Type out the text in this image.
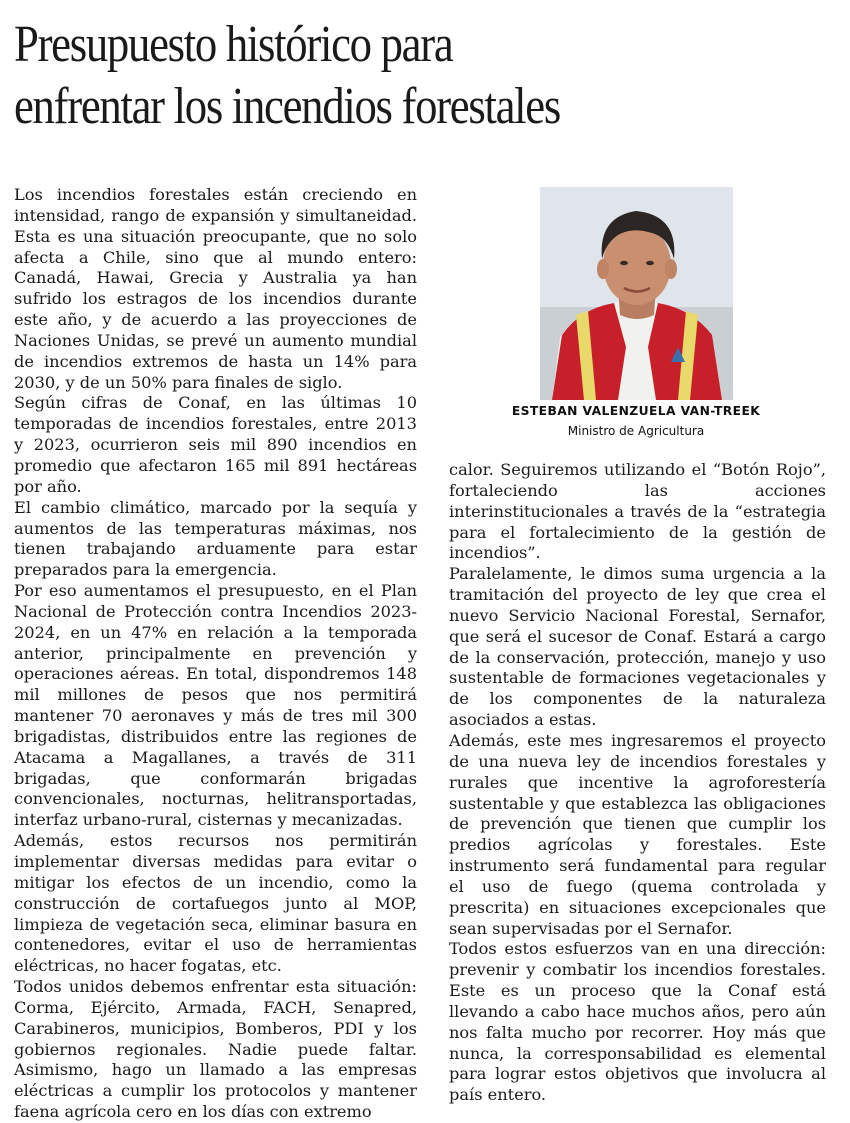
Presupuesto histórico para
enfrentar los incendios forestales

Los incendios forestales están creciendo en intensidad, rango de expansión y simultaneidad. Esta es una situación preocupante, que no solo afecta a Chile, sino que al mundo entero: Canadá, Hawai, Grecia y Australia ya han sufrido los estragos de los incendios durante este año, y de acuerdo a las proyecciones de Naciones Unidas, se prevé un aumento mundial de incendios extremos de hasta un 14% para 2030, y de un 50% para finales de siglo.

Según cifras de Conaf, en las últimas 10 temporadas de incendios forestales, entre 2013 y 2023, ocurrieron seis mil 890 incendios en promedio que afectaron 165 mil 891 hectáreas por año.

El cambio climático, marcado por la sequía y aumentos de las temperaturas máximas, nos tienen trabajando arduamente para estar preparados para la emergencia.

Por eso aumentamos el presupuesto, en el Plan Nacional de Protección contra Incendios 2023- 2024, en un 47% en relación a la temporada anterior, principalmente en prevención y operaciones aéreas. En total, dispondremos 148 mil millones de pesos que nos permitirá mantener 70 aeronaves y más de tres mil 300 brigadistas, distribuidos entre las regiones de Atacama a Magallanes, a través de 311 brigadas, que conformarán brigadas convencionales, nocturnas, helitransportadas, interfaz urbano-rural, cisternas y mecanizadas.

Además, estos recursos nos permitirán implementar diversas medidas para evitar o mitigar los efectos de un incendio, como la construcción de cortafuegos junto al MOP, limpieza de vegetación seca, eliminar basura en contenedores, evitar el uso de herramientas eléctricas, no hacer fogatas, etc.

Todos unidos debemos enfrentar esta situación: Corma, Ejército, Armada, FACH, Senapred, Carabineros, municipios, Bomberos, PDI y los gobiernos regionales. Nadie puede faltar. Asimismo, hago un llamado a las empresas eléctricas a cumplir los protocolos y mantener faena agrícola cero en los días con extremo

ESTEBAN VALENZUELA VAN-TREEK
Ministro de Agricultura

calor. Seguiremos utilizando el “Botón Rojo”, fortaleciendo las acciones interinstitucionales a través de la “estrategia para el fortalecimiento de la gestión de incendios”.

Paralelamente, le dimos suma urgencia a la tramitación del proyecto de ley que crea el nuevo Servicio Nacional Forestal, Sernafor, que será el sucesor de Conaf. Estará a cargo de la conservación, protección, manejo y uso sustentable de formaciones vegetacionales y de los componentes de la naturaleza asociados a estas.

Además, este mes ingresaremos el proyecto de una nueva ley de incendios forestales y rurales que incentive la agroforestería sustentable y que establezca las obligaciones de prevención que tienen que cumplir los predios agrícolas y forestales. Este instrumento será fundamental para regular el uso de fuego (quema controlada y prescrita) en situaciones excepcionales que sean supervisadas por el Sernafor.

Todos estos esfuerzos van en una dirección: prevenir y combatir los incendios forestales. Este es un proceso que la Conaf está llevando a cabo hace muchos años, pero aún nos falta mucho por recorrer. Hoy más que nunca, la corresponsabilidad es elemental para lograr estos objetivos que involucra al país entero.
